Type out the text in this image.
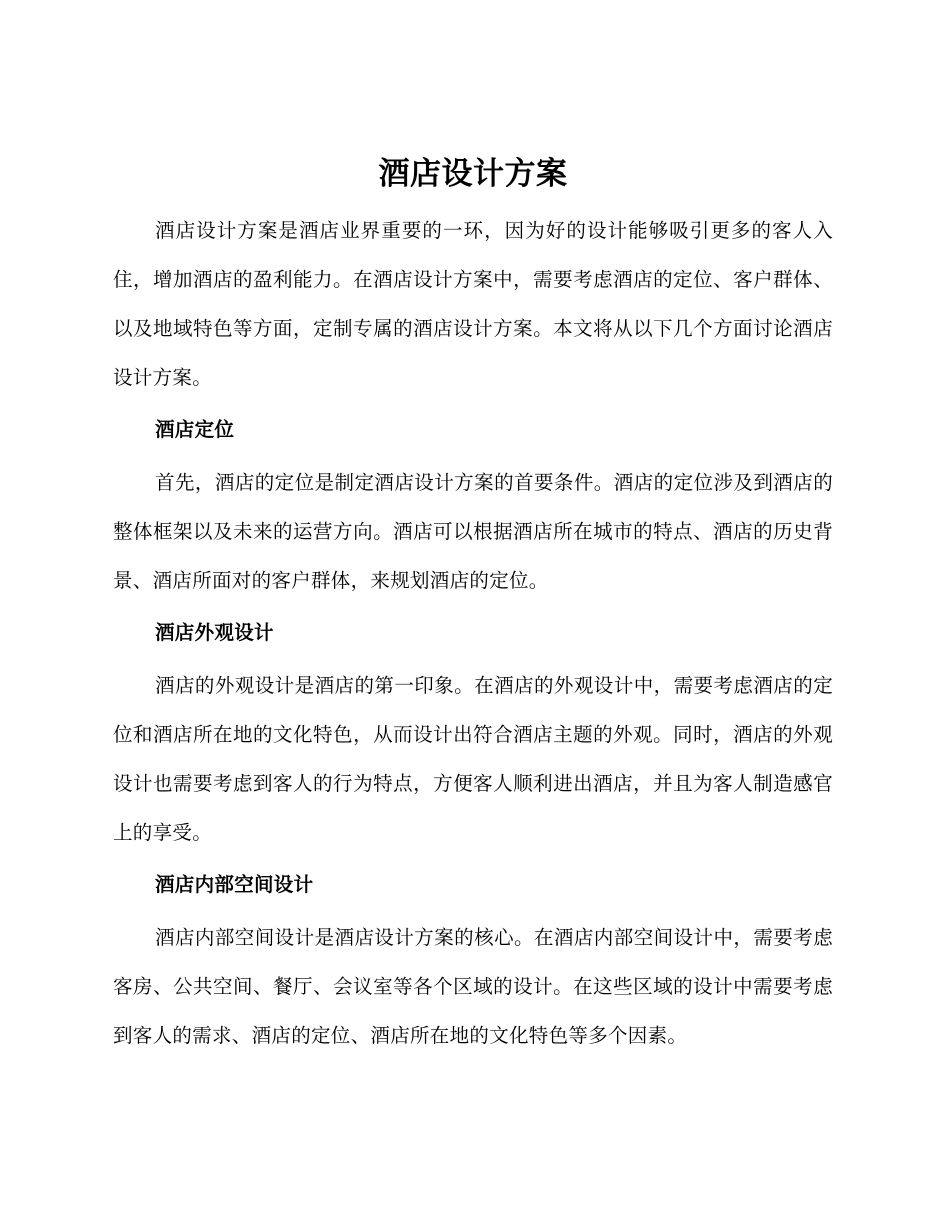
酒店设计方案

酒店设计方案是酒店业界重要的一环，因为好的设计能够吸引更多的客人入住，增加酒店的盈利能力。在酒店设计方案中，需要考虑酒店的定位、客户群体、以及地域特色等方面，定制专属的酒店设计方案。本文将从以下几个方面讨论酒店设计方案。

酒店定位

首先，酒店的定位是制定酒店设计方案的首要条件。酒店的定位涉及到酒店的整体框架以及未来的运营方向。酒店可以根据酒店所在城市的特点、酒店的历史背景、酒店所面对的客户群体，来规划酒店的定位。

酒店外观设计

酒店的外观设计是酒店的第一印象。在酒店的外观设计中，需要考虑酒店的定位和酒店所在地的文化特色，从而设计出符合酒店主题的外观。同时，酒店的外观设计也需要考虑到客人的行为特点，方便客人顺利进出酒店，并且为客人制造感官上的享受。

酒店内部空间设计

酒店内部空间设计是酒店设计方案的核心。在酒店内部空间设计中，需要考虑客房、公共空间、餐厅、会议室等各个区域的设计。在这些区域的设计中需要考虑到客人的需求、酒店的定位、酒店所在地的文化特色等多个因素。
